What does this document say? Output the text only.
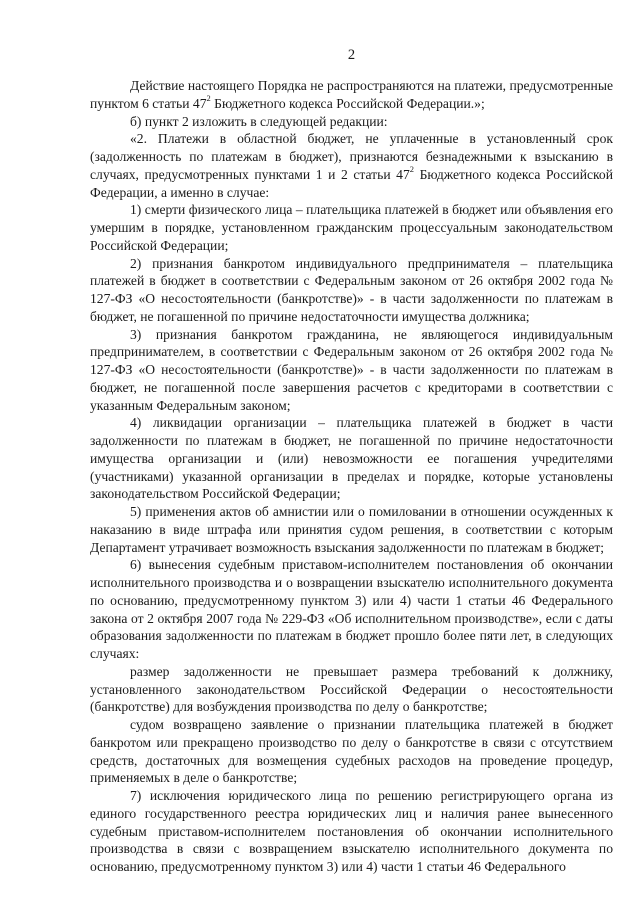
2

Действие настоящего Порядка не распространяются на платежи, предусмотренные пунктом 6 статьи $47^2$ Бюджетного кодекса Российской Федерации.»;

б) пункт 2 изложить в следующей редакции:

«2. Платежи в областной бюджет, не уплаченные в установленный срок (задолженность по платежам в бюджет), признаются безнадежными к взысканию в случаях, предусмотренных пунктами 1 и 2 статьи $47^2$ Бюджетного кодекса Российской Федерации, а именно в случае:

1) смерти физического лица – плательщика платежей в бюджет или объявления его умершим в порядке, установленном гражданским процессуальным законодательством Российской Федерации;

2) признания банкротом индивидуального предпринимателя – плательщика платежей в бюджет в соответствии с Федеральным законом от 26 октября 2002 года № 127-ФЗ «О несостоятельности (банкротстве)» - в части задолженности по платежам в бюджет, не погашенной по причине недостаточности имущества должника;

3) признания банкротом гражданина, не являющегося индивидуальным предпринимателем, в соответствии с Федеральным законом от 26 октября 2002 года № 127-ФЗ «О несостоятельности (банкротстве)» - в части задолженности по платежам в бюджет, не погашенной после завершения расчетов с кредиторами в соответствии с указанным Федеральным законом;

4) ликвидации организации – плательщика платежей в бюджет в части задолженности по платежам в бюджет, не погашенной по причине недостаточности имущества организации и (или) невозможности ее погашения учредителями (участниками) указанной организации в пределах и порядке, которые установлены законодательством Российской Федерации;

5) применения актов об амнистии или о помиловании в отношении осужденных к наказанию в виде штрафа или принятия судом решения, в соответствии с которым Департамент утрачивает возможность взыскания задолженности по платежам в бюджет;

6) вынесения судебным приставом-исполнителем постановления об окончании исполнительного производства и о возвращении взыскателю исполнительного документа по основанию, предусмотренному пунктом 3) или 4) части 1 статьи 46 Федерального закона от 2 октября 2007 года № 229-ФЗ «Об исполнительном производстве», если с даты образования задолженности по платежам в бюджет прошло более пяти лет, в следующих случаях:

размер задолженности не превышает размера требований к должнику, установленного законодательством Российской Федерации о несостоятельности (банкротстве) для возбуждения производства по делу о банкротстве;

судом возвращено заявление о признании плательщика платежей в бюджет банкротом или прекращено производство по делу о банкротстве в связи с отсутствием средств, достаточных для возмещения судебных расходов на проведение процедур, применяемых в деле о банкротстве;

7) исключения юридического лица по решению регистрирующего органа из единого государственного реестра юридических лиц и наличия ранее вынесенного судебным приставом-исполнителем постановления об окончании исполнительного производства в связи с возвращением взыскателю исполнительного документа по основанию, предусмотренному пунктом 3) или 4) части 1 статьи 46 Федерального
